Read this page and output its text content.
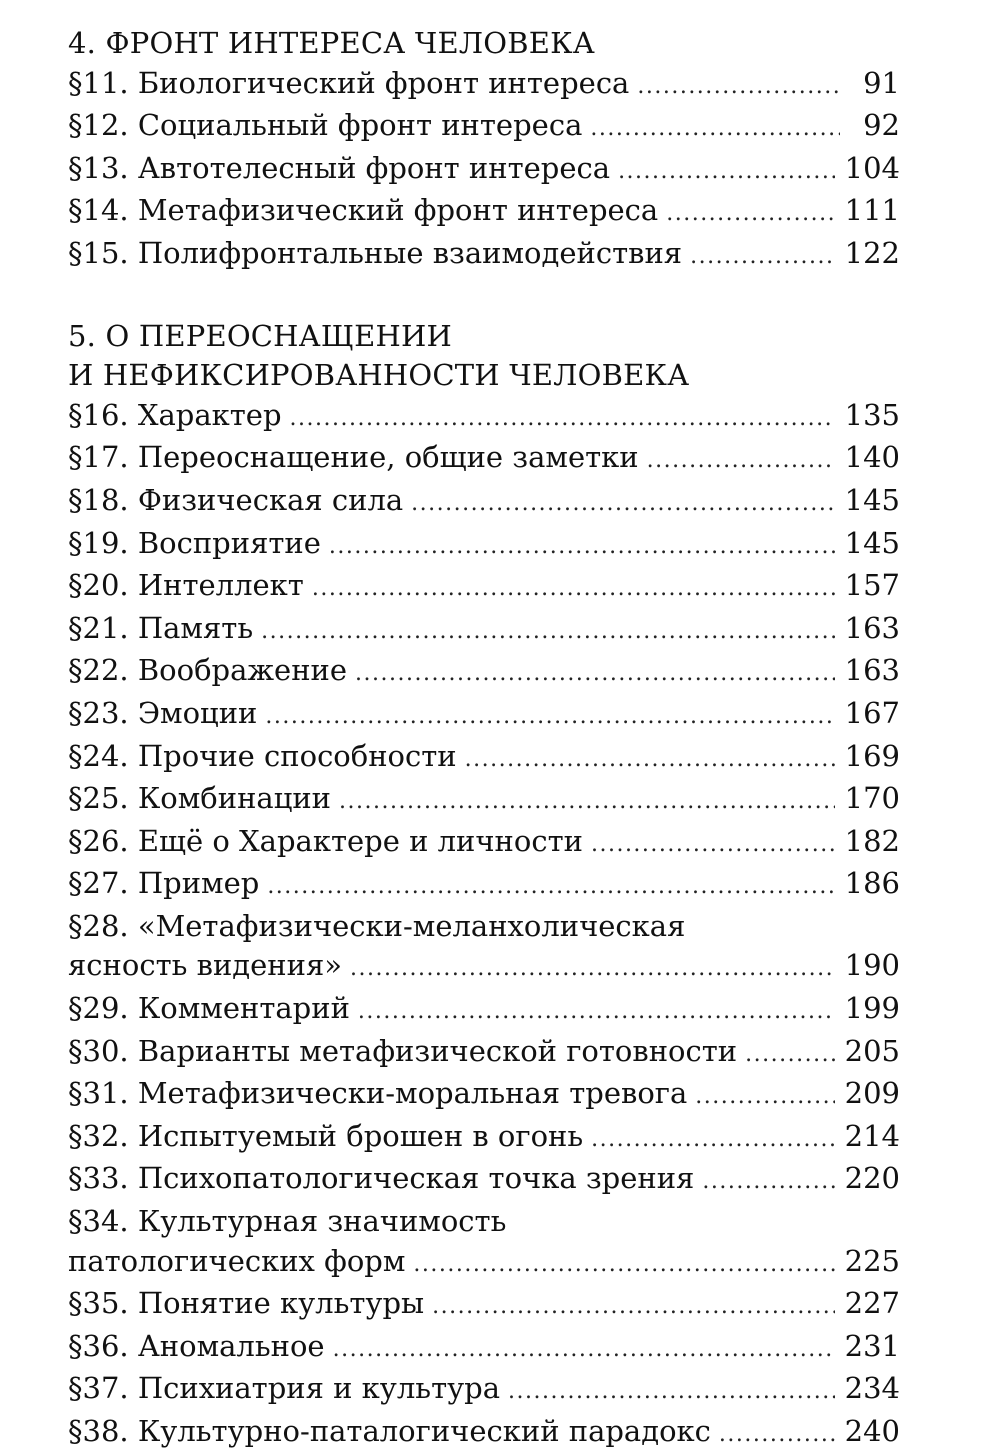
4. ФРОНТ ИНТЕРЕСА ЧЕЛОВЕКА
§11. Биологический фронт интереса .....	91
§12. Социальный фронт интереса .....	92
§13. Автотелесный фронт интереса .....	104
§14. Метафизический фронт интереса .....	111
§15. Полифронтальные взаимодействия .....	122
5. О ПЕРЕОСНАЩЕНИИ
И НЕФИКСИРОВАННОСТИ ЧЕЛОВЕКА
§16. Характер .....	135
§17. Переоснащение, общие заметки .....	140
§18. Физическая сила .....	145
§19. Восприятие .....	145
§20. Интеллект .....	157
§21. Память .....	163
§22. Воображение .....	163
§23. Эмоции .....	167
§24. Прочие способности .....	169
§25. Комбинации .....	170
§26. Ещё о Характере и личности .....	182
§27. Пример .....	186
§28. «Метафизически-меланхолическая
ясность видения» .....	190
§29. Комментарий .....	199
§30. Варианты метафизической готовности .....	205
§31. Метафизически-моральная тревога .....	209
§32. Испытуемый брошен в огонь .....	214
§33. Психопатологическая точка зрения .....	220
§34. Культурная значимость
патологических форм .....	225
§35. Понятие культуры .....	227
§36. Аномальное .....	231
§37. Психиатрия и культура .....	234
§38. Культурно-паталогический парадокс .....	240
